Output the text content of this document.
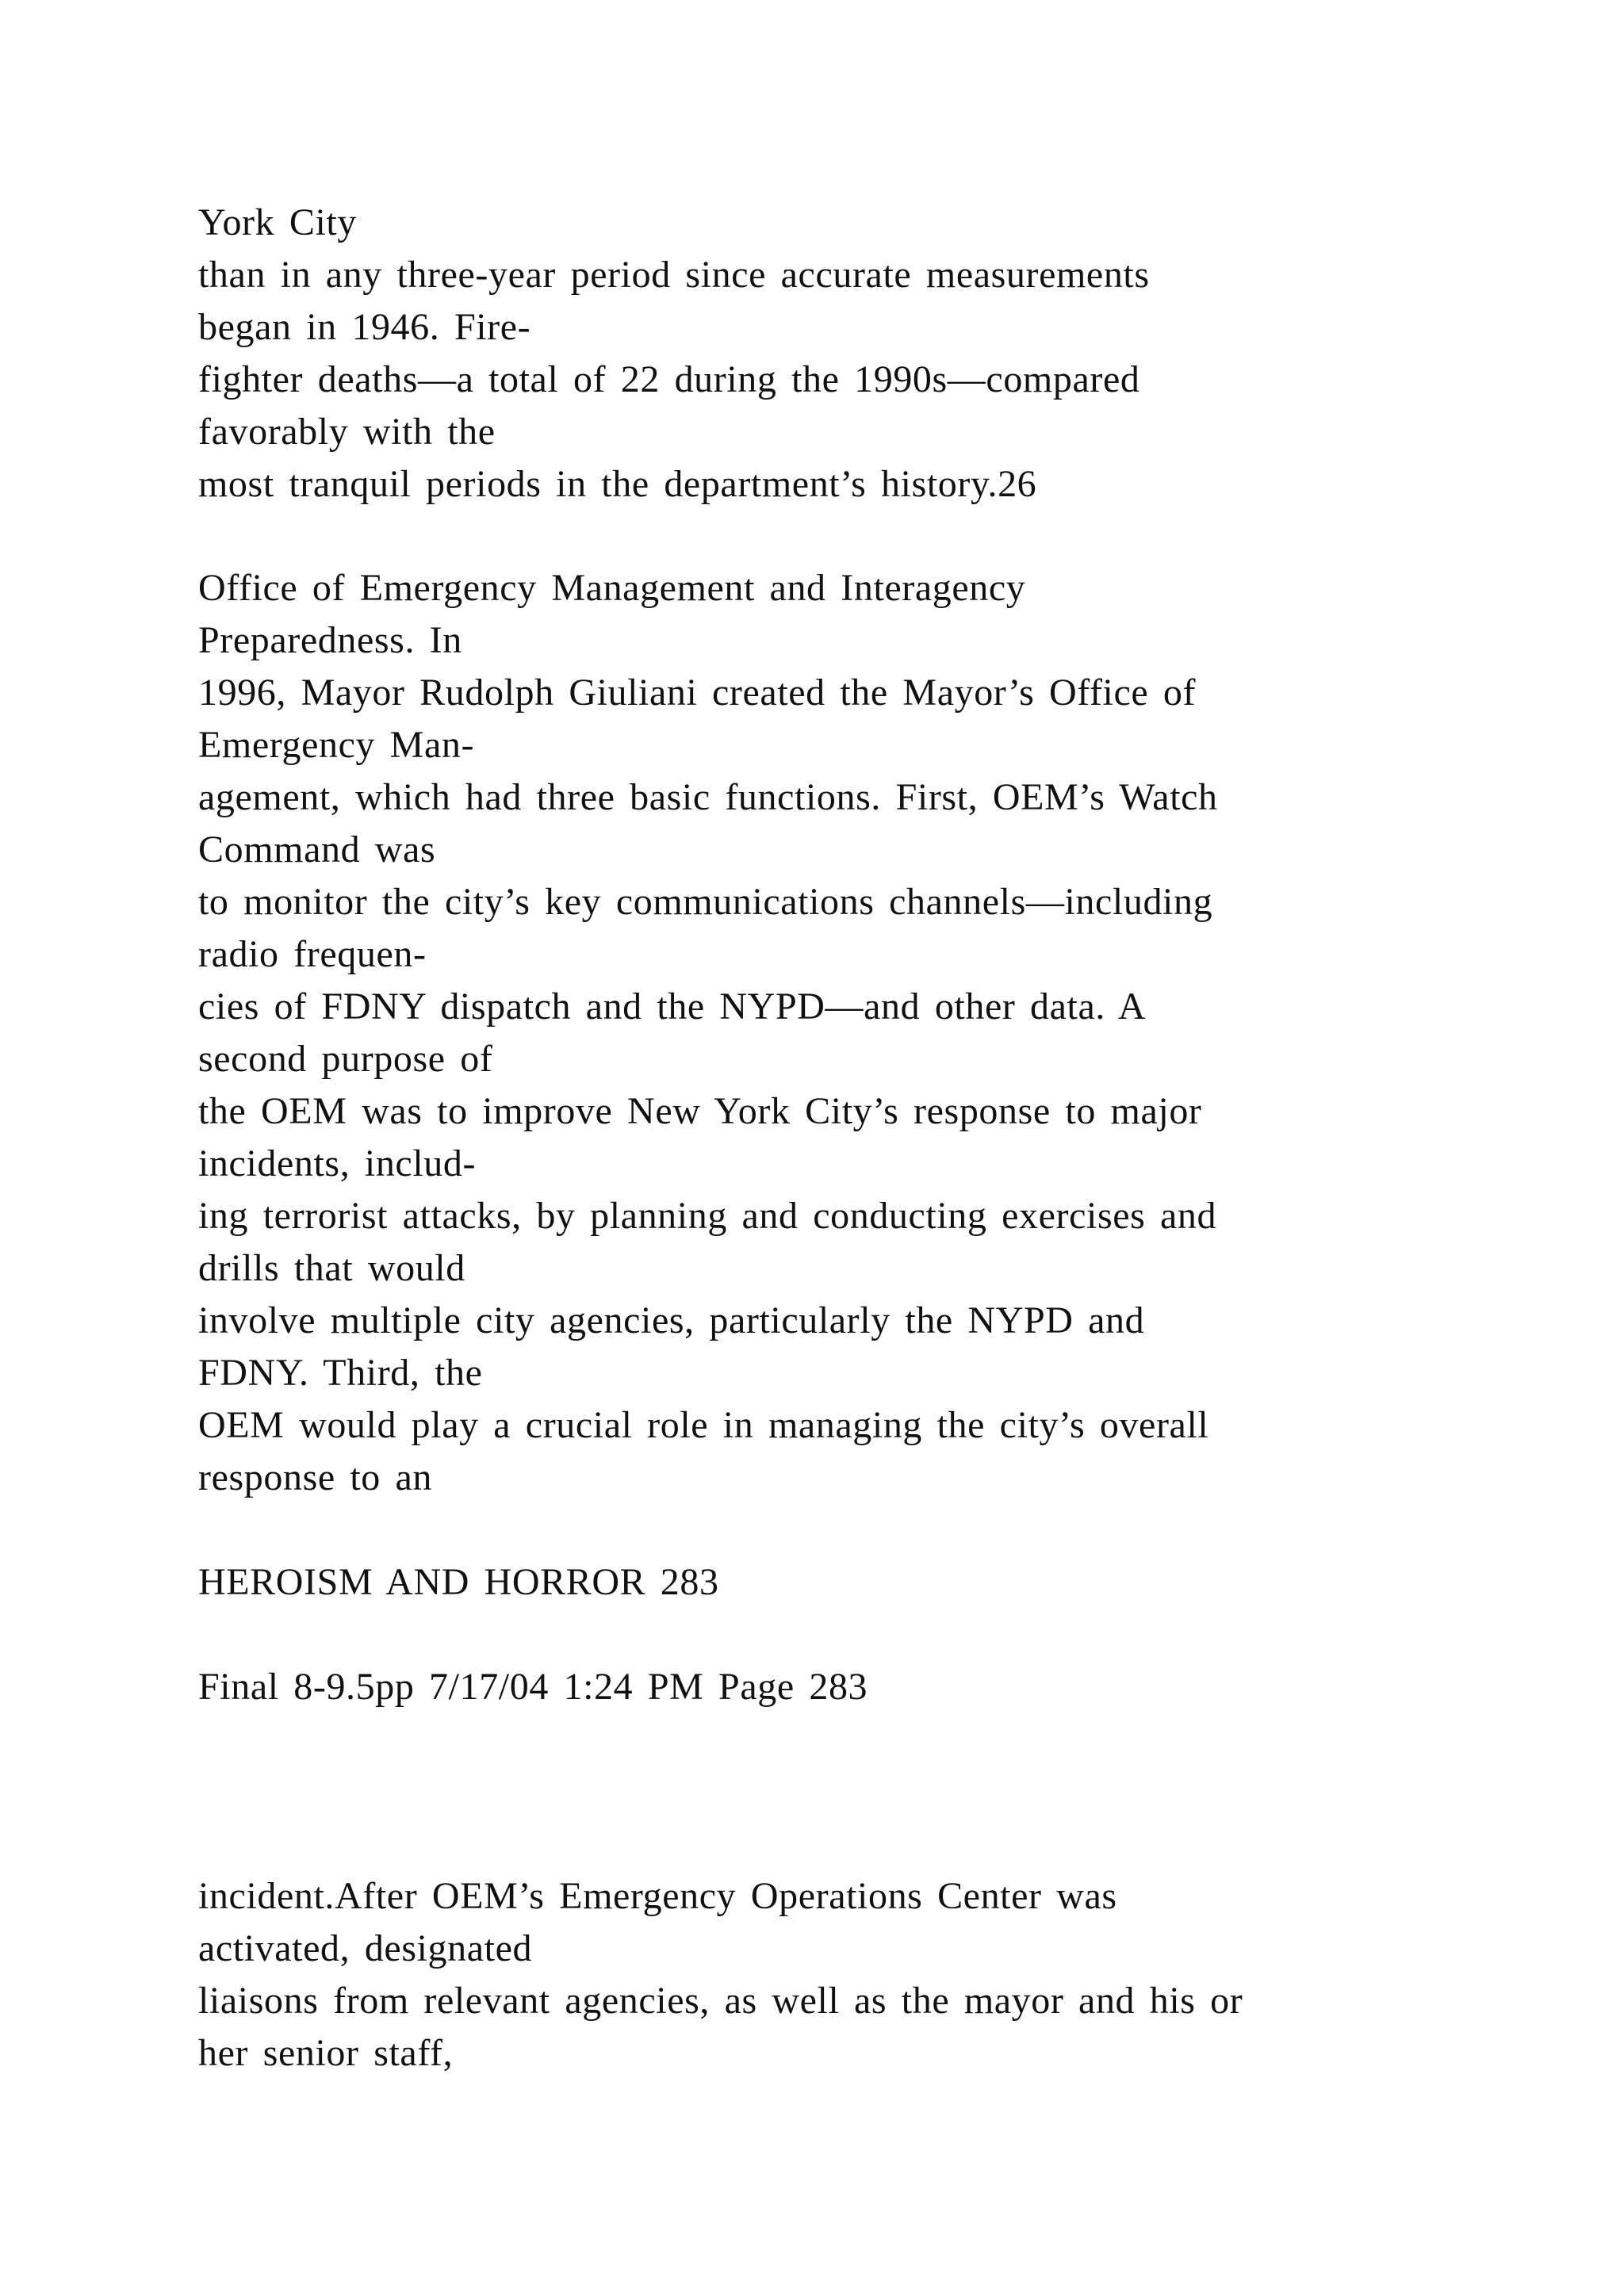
York City

than in any three-year period since accurate measurements

began in 1946. Fire-

fighter deaths—a total of 22 during the 1990s—compared

favorably with the

most tranquil periods in the department’s history.26

Office of Emergency Management and Interagency

Preparedness. In

1996, Mayor Rudolph Giuliani created the Mayor’s Office of

Emergency Man-

agement, which had three basic functions. First, OEM’s Watch

Command was

to monitor the city’s key communications channels—including

radio frequen-

cies of FDNY dispatch and the NYPD—and other data. A

second purpose of

the OEM was to improve New York City’s response to major

incidents, includ-

ing terrorist attacks, by planning and conducting exercises and

drills that would

involve multiple city agencies, particularly the NYPD and

FDNY. Third, the

OEM would play a crucial role in managing the city’s overall

response to an

HEROISM AND HORROR 283

Final 8-9.5pp 7/17/04 1:24 PM Page 283

incident.After OEM’s Emergency Operations Center was

activated, designated

liaisons from relevant agencies, as well as the mayor and his or

her senior staff,
